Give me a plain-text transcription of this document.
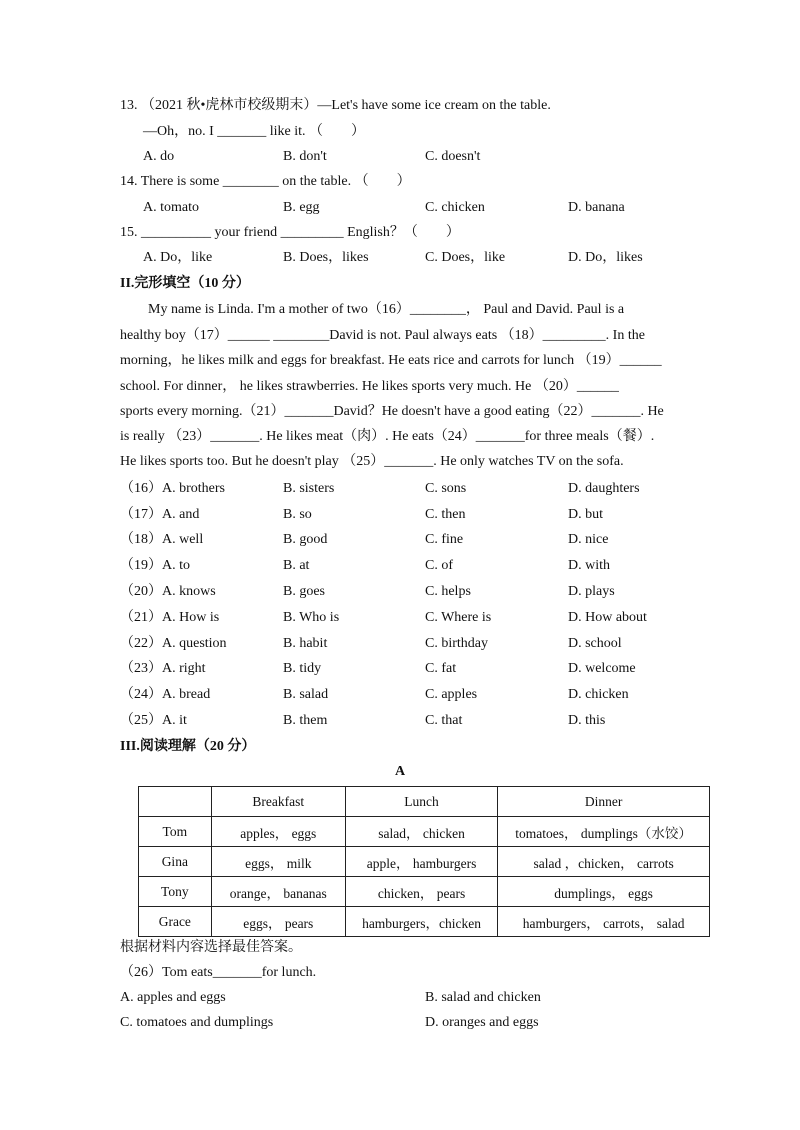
13. （2021 秋•虎林市校级期末）—Let's have some ice cream on the table.
—Oh，no. I _______ like it. （　　）
A. do	B. don't	C. doesn't
14. There is some ________ on the table. （　　）
A. tomato	B. egg	C. chicken	D. banana
15. __________ your friend _________ English？（　　）
A. Do，like	B. Does，likes	C. Does，like	D. Do，likes
II.完形填空（10 分）
My name is Linda. I'm a mother of two（16）________， Paul and David. Paul is a
healthy boy（17）______ ________David is not. Paul always eats （18）_________. In the
morning，he likes milk and eggs for breakfast. He eats rice and carrots for lunch （19）______
school. For dinner， he likes strawberries. He likes sports very much. He （20）______
sports every morning.（21）_______David？He doesn't have a good eating（22）_______. He
is really （23）_______. He likes meat（肉）. He eats（24）_______for three meals（餐）.
He likes sports too. But he doesn't play （25）_______. He only watches TV on the sofa.
（16） A. brothers	B. sisters	C. sons	D. daughters
（17） A. and	B. so	C. then	D. but
（18） A. well	B. good	C. fine	D. nice
（19） A. to	B. at	C. of	D. with
（20） A. knows	B. goes	C. helps	D. plays
（21） A. How is	B. Who is	C. Where is	D. How about
（22） A. question	B. habit	C. birthday	D. school
（23） A. right	B. tidy	C. fat	D. welcome
（24） A. bread	B. salad	C. apples	D. chicken
（25） A. it	B. them	C. that	D. this
III.阅读理解（20 分）
A
	Breakfast	Lunch	Dinner
Tom	apples， eggs	salad， chicken	tomatoes， dumplings（水饺）
Gina	eggs， milk	apple， hamburgers	salad ，chicken， carrots
Tony	orange， bananas	chicken， pears	dumplings， eggs
Grace	eggs， pears	hamburgers，chicken	hamburgers， carrots， salad
根据材料内容选择最佳答案。
（26）Tom eats_______for lunch.
A. apples and eggs	B. salad and chicken
C. tomatoes and dumplings	D. oranges and eggs
